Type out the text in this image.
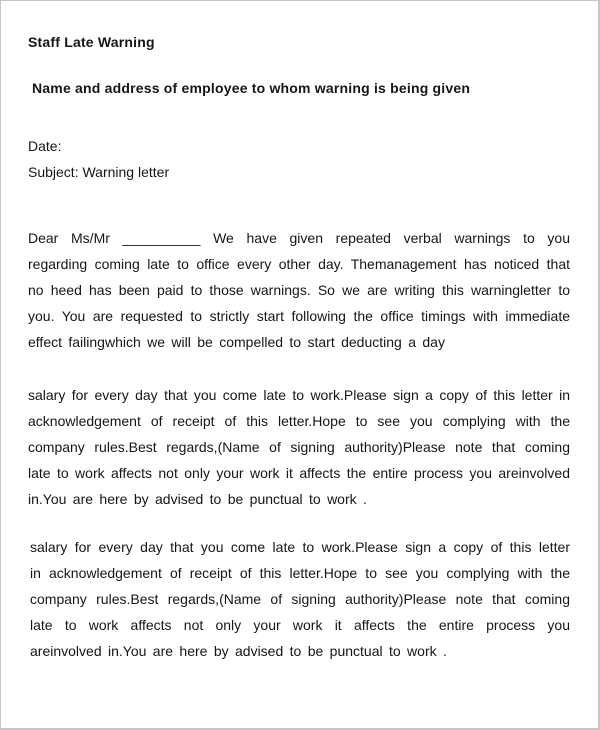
Staff Late Warning
Name and address of employee to whom warning is being given
Date:
Subject: Warning letter
Dear Ms/Mr __________ We have given repeated verbal warnings to you regarding coming late to office every other day. Themanagement has noticed that no heed has been paid to those warnings. So we are writing this warningletter to you. You are requested to strictly start following the office timings with immediate effect failingwhich we will be compelled to start deducting a day
salary for every day that you come late to work.Please sign a copy of this letter in acknowledgement of receipt of this letter.Hope to see you complying with the company rules.Best regards,(Name of signing authority)Please note that coming late to work affects not only your work it affects the entire process you areinvolved in.You are here by advised to be punctual to work .
salary for every day that you come late to work.Please sign a copy of this letter in acknowledgement of receipt of this letter.Hope to see you complying with the company rules.Best regards,(Name of signing authority)Please note that coming late to work affects not only your work it affects the entire process you areinvolved in.You are here by advised to be punctual to work .
